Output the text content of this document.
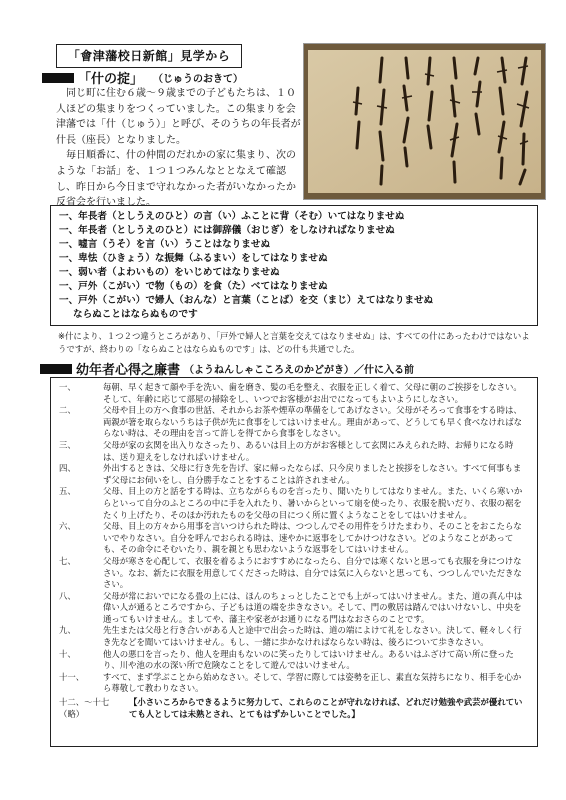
「會津藩校日新館」見学から
「什の掟」 （じゅうのおきて）

同じ町に住む６歳～９歳までの子どもたちは、１０人ほどの集まりをつくっていました。この集まりを会津藩では「什（じゅう）」と呼び、そのうちの年長者が什長（座長）となりました。

毎日順番に、什の仲間のだれかの家に集まり、次のような「お話」を、１つ１つみんなととなえて確認し、昨日から今日まで守れなかった者がいなかったか反省会を行いました。

一、年長者（としうえのひと）の言（い）ふことに背（そむ）いてはなりませぬ
一、年長者（としうえのひと）には御辞儀（おじぎ）をしなければなりませぬ
一、嘘言（うそ）を言（い）うことはなりませぬ
一、卑怯（ひきょう）な振舞（ふるまい）をしてはなりませぬ
一、弱い者（よわいもの）をいじめてはなりませぬ
一、戸外（こがい）で物（もの）を食（た）べてはなりませぬ
一、戸外（こがい）で婦人（おんな）と言葉（ことば）を交（まじ）えてはなりませぬ
ならぬことはならぬものです
※什により、１つ２つ違うところがあり、「戸外で婦人と言葉を交えてはなりませぬ」は、すべての什にあったわけではないようですが、終わりの「ならぬことはならぬものです」は、どの什も共通でした。
幼年者心得之廉書 （ようねんしゃこころえのかどがき） ／什に入る前
一、	毎朝、早く起きて顔や手を洗い、歯を磨き、髪の毛を整え、衣服を正しく着て、父母に朝のご挨拶をしなさい。そして、年齢に応じて部屋の掃除をし、いつでお客様がお出でになってもよいようにしなさい。
二、	父母や目上の方へ食事の世話、それからお茶や煙草の準備をしてあげなさい。父母がそろって食事をする時は、両親が箸を取らないうちは子供が先に食事をしてはいけません。理由があって、どうしても早く食べなければならない時は、その理由を言って許しを得てから食事をしなさい。
三、	父母が家の玄関を出入りなさったり、あるいは目上の方がお客様として玄関にみえられた時、お帰りになる時は、送り迎えをしなければいけません。
四、	外出するときは、父母に行き先を告げ、家に帰ったならば、只今戻りましたと挨拶をしなさい。すべて何事もまず父母にお伺いをし、自分勝手なことをすることは許されません。
五、	父母、目上の方と話をする時は、立ちながらものを言ったり、聞いたりしてはなりません。また、いくら寒いからといって自分のふところの中に手を入れたり、暑いからといって扇を使ったり、衣服を脱いだり、衣服の裾をたくり上げたり、そのほか汚れたものを父母の目につく所に置くようなことをしてはいけません。
六、	父母、目上の方々から用事を言いつけられた時は、つつしんでその用件をうけたまわり、そのことをおこたらないでやりなさい。自分を呼んでおられる時は、速やかに返事をしてかけつけなさい。どのようなことがあっても、その命令にそむいたり、親を親とも思わないような返事をしてはいけません。
七、	父母が寒さを心配して、衣服を着るようにおすすめになったら、自分では寒くないと思っても衣服を身につけなさい。なお、新たに衣服を用意してくださった時は、自分では気に入らないと思っても、つつしんでいただきなさい。
八、	父母が常においでになる畳の上には、ほんのちょっとしたことでも上がってはいけません。また、道の真ん中は偉い人が通るところですから、子どもは道の端を歩きなさい。そして、門の敷居は踏んではいけないし、中央を通ってもいけません。ましてや、藩主や家老がお通りになる門はなおさらのことです。
九、	先生または父母と行き合いがある人と途中で出会った時は、道の端によけて礼をしなさい。決して、軽々しく行き先などを聞いてはいけません。もし、一緒に歩かなければならない時は、後ろについて歩きなさい。
十、	他人の悪口を言ったり、他人を理由もないのに笑ったりしてはいけません。あるいはふざけて高い所に登ったり、川や池の水の深い所で危険なことをして遊んではいけません。
十一、	すべて、まず学ぶことから始めなさい。そして、学習に際しては姿勢を正し、素直な気持ちになり、相手を心から尊敬して教わりなさい。
十二、～十七
（略）
【小さいころからできるように努力して、これらのことが守れなければ、どれだけ勉強や武芸が優れていても人としては未熟とされ、とてもはずかしいことでした。】
